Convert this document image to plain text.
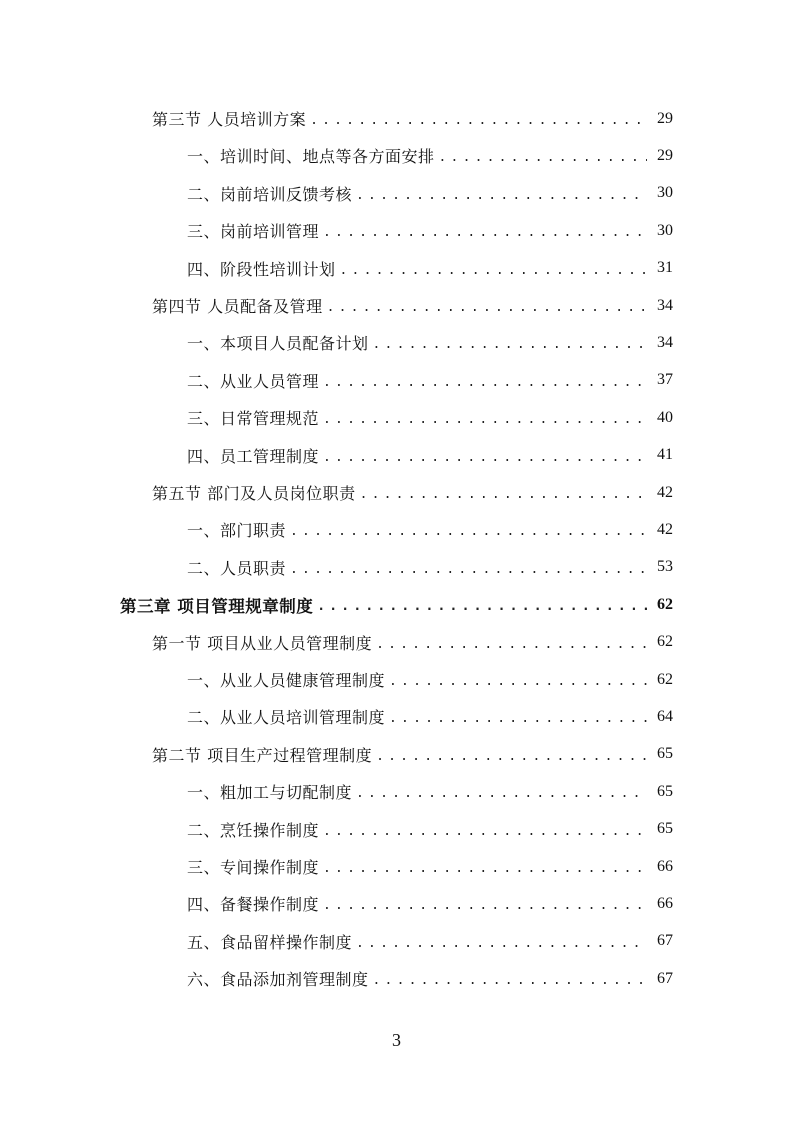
第三节 人员培训方案 .....	29
一、培训时间、地点等各方面安排 .....	29
二、岗前培训反馈考核 .....	30
三、岗前培训管理 .....	30
四、阶段性培训计划 .....	31
第四节 人员配备及管理 .....	34
一、本项目人员配备计划 .....	34
二、从业人员管理 .....	37
三、日常管理规范 .....	40
四、员工管理制度 .....	41
第五节 部门及人员岗位职责 .....	42
一、部门职责 .....	42
二、人员职责 .....	53
第三章 项目管理规章制度 .....	62
第一节 项目从业人员管理制度 .....	62
一、从业人员健康管理制度 .....	62
二、从业人员培训管理制度 .....	64
第二节 项目生产过程管理制度 .....	65
一、粗加工与切配制度 .....	65
二、烹饪操作制度 .....	65
三、专间操作制度 .....	66
四、备餐操作制度 .....	66
五、食品留样操作制度 .....	67
六、食品添加剂管理制度 .....	67
3
